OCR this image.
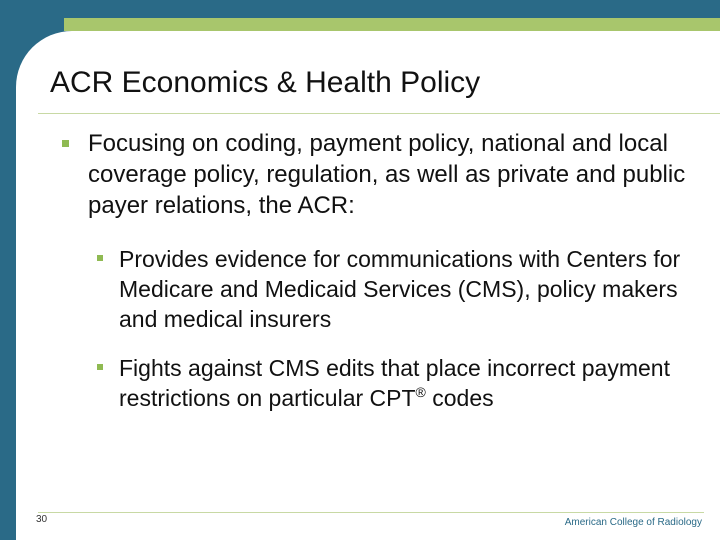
ACR Economics & Health Policy
Focusing on coding, payment policy, national and local coverage policy, regulation, as well as private and public payer relations, the ACR:
Provides evidence for communications with Centers for Medicare and Medicaid Services (CMS), policy makers and medical insurers
Fights against CMS edits that place incorrect payment restrictions on particular CPT® codes
30	American College of Radiology
